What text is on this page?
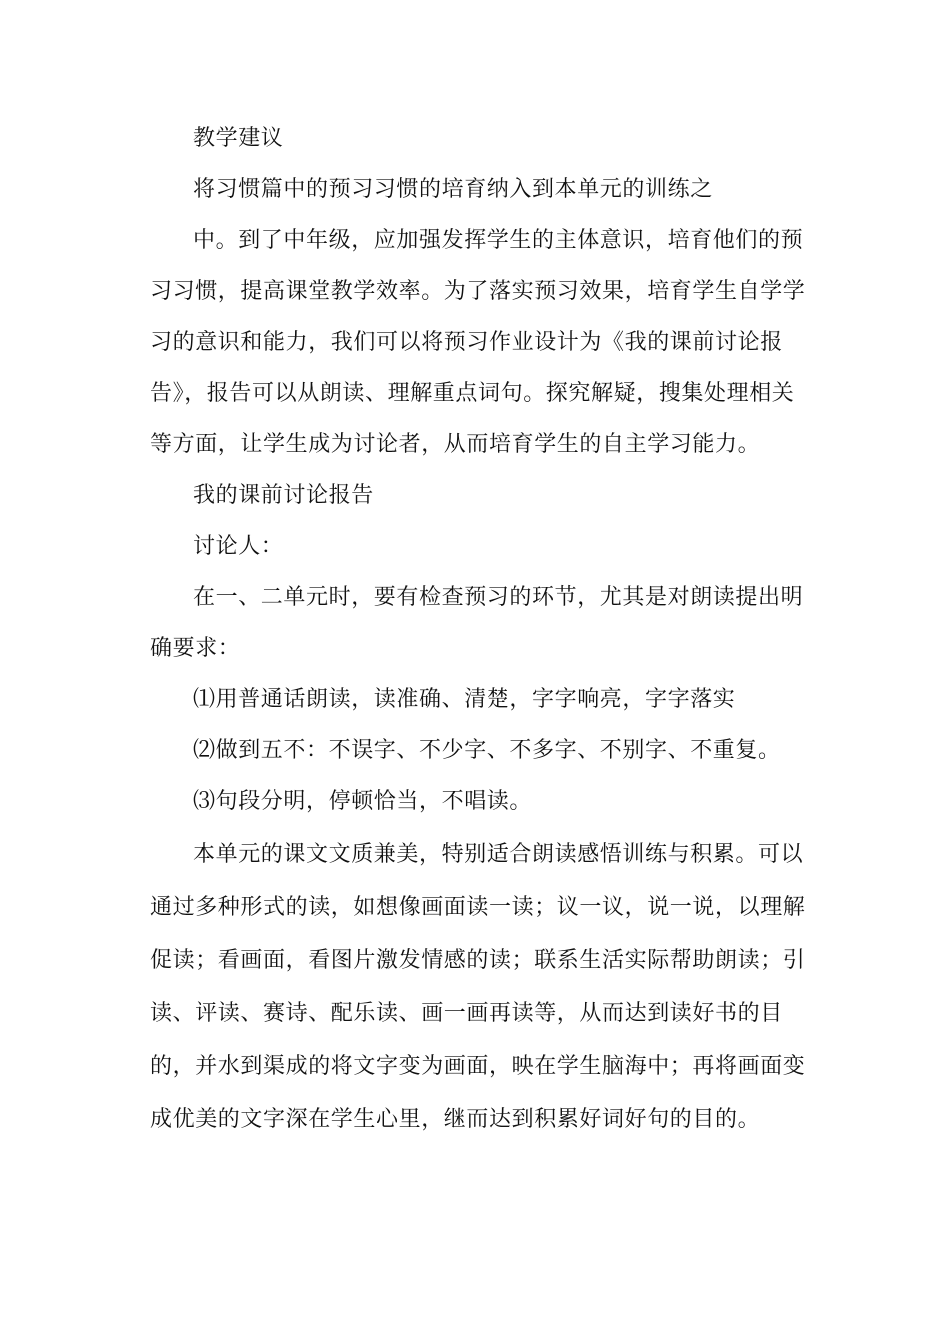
教学建议
将习惯篇中的预习习惯的培育纳入到本单元的训练之
中。到了中年级，应加强发挥学生的主体意识，培育他们的预
习习惯，提高课堂教学效率。为了落实预习效果，培育学生自学学
习的意识和能力，我们可以将预习作业设计为《我的课前讨论报
告》，报告可以从朗读、理解重点词句。探究解疑，搜集处理相关
等方面，让学生成为讨论者，从而培育学生的自主学习能力。
我的课前讨论报告
讨论人：
在一、二单元时，要有检查预习的环节，尤其是对朗读提出明
确要求：
⑴用普通话朗读，读准确、清楚，字字响亮，字字落实
⑵做到五不：不误字、不少字、不多字、不别字、不重复。
⑶句段分明，停顿恰当，不唱读。
本单元的课文文质兼美，特别适合朗读感悟训练与积累。可以
通过多种形式的读，如想像画面读一读；议一议，说一说，以理解
促读；看画面，看图片激发情感的读；联系生活实际帮助朗读；引
读、评读、赛诗、配乐读、画一画再读等，从而达到读好书的目
的，并水到渠成的将文字变为画面，映在学生脑海中；再将画面变
成优美的文字深在学生心里，继而达到积累好词好句的目的。
